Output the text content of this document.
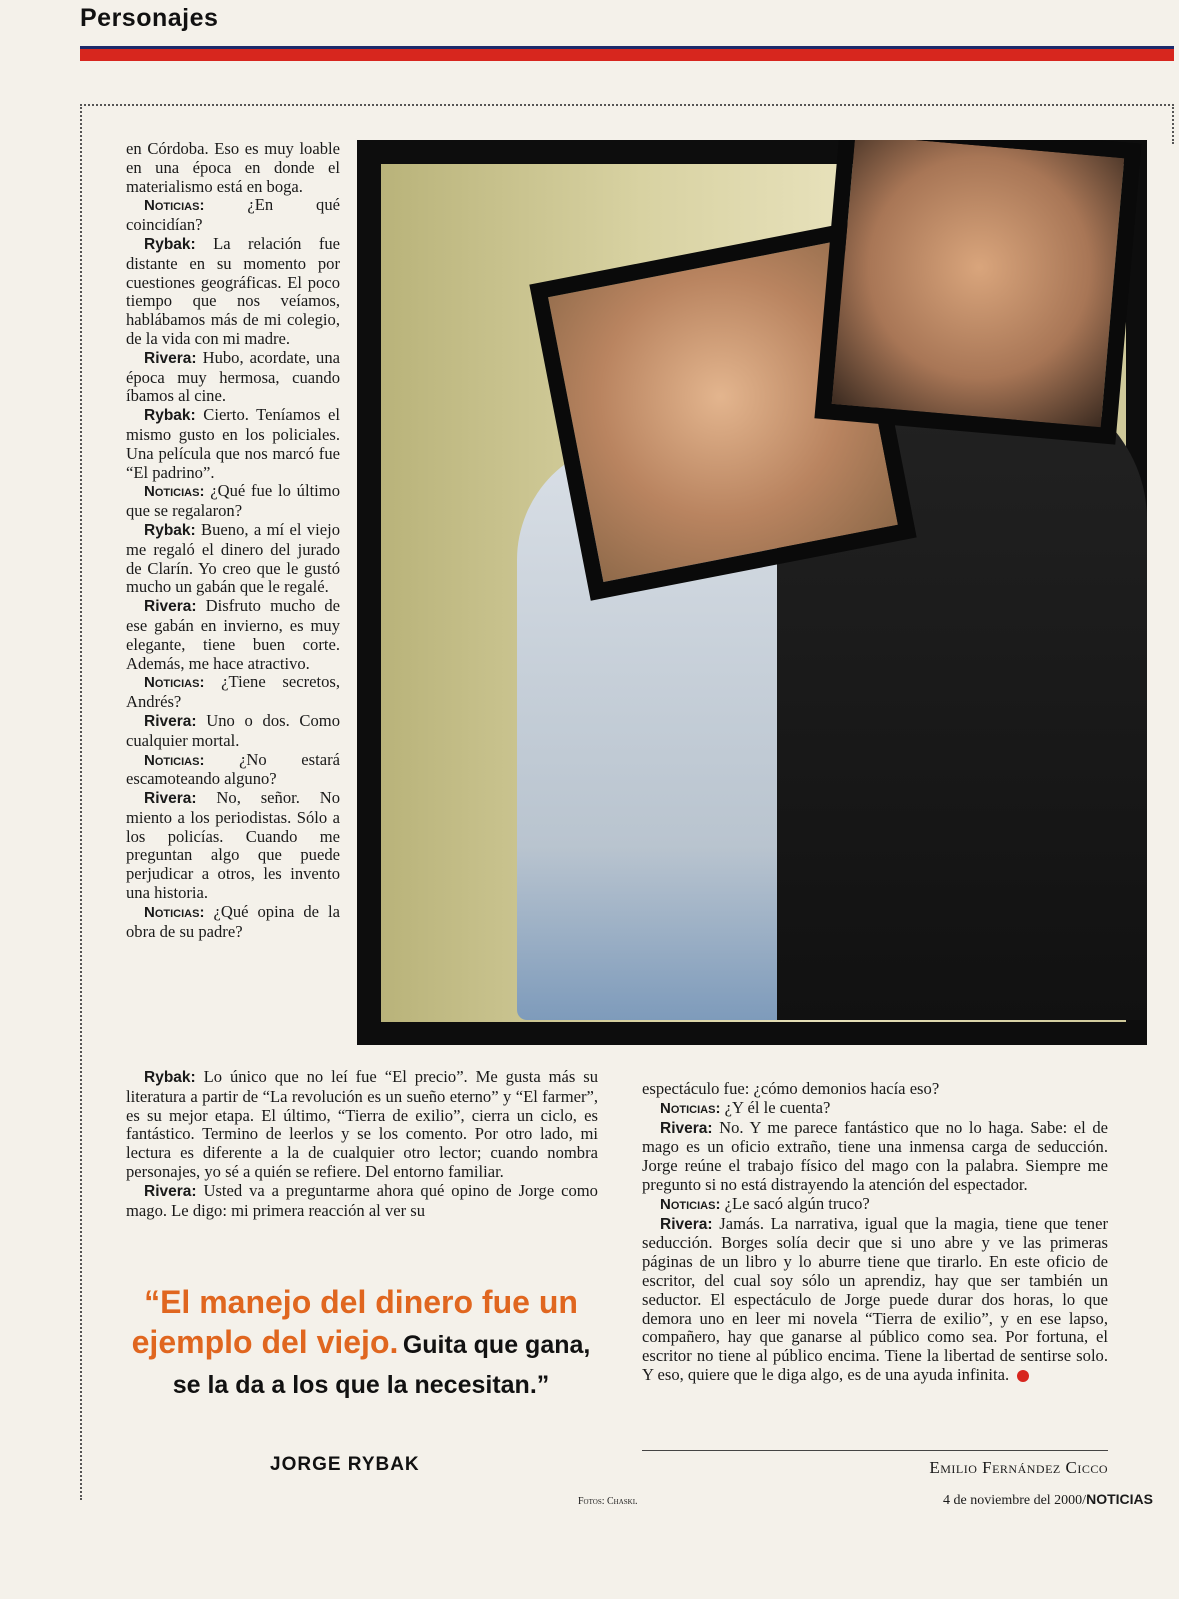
Personajes

en Córdoba. Eso es muy loable en una época en donde el materialismo está en boga.

Noticias:	¿En qué coincidían?

Rybak: La relación fue distante en su momento por cuestiones geográficas. El poco tiempo que nos veíamos, hablábamos más de mi colegio, de la vida con mi madre.

Rivera: Hubo, acordate, una época muy hermosa, cuando íbamos al cine.

Rybak: Cierto. Teníamos el mismo gusto en los policiales. Una película que nos marcó fue “El padrino”.

Noticias: ¿Qué fue lo último que se regalaron?

Rybak: Bueno, a mí el viejo me regaló el dinero del jurado de Clarín. Yo creo que le gustó mucho un gabán que le regalé.

Rivera: Disfruto mucho de ese gabán en invierno, es muy elegante, tiene buen corte. Además, me hace atractivo.

Noticias: ¿Tiene secretos, Andrés?

Rivera: Uno o dos. Como cualquier mortal.

Noticias: ¿No estará escamoteando alguno?

Rivera: No, señor. No miento a los periodistas. Sólo a los policías. Cuando me preguntan algo que puede perjudicar a otros, les invento una historia.

Noticias: ¿Qué opina de la obra de su padre?

Rybak: Lo único que no leí fue “El precio”. Me gusta más su literatura a partir de “La revolución es un sueño eterno” y “El farmer”, es su mejor etapa. El último, “Tierra de exilio”, cierra un ciclo, es fantástico. Termino de leerlos y se los comento. Por otro lado, mi lectura es diferente a la de cualquier otro lector; cuando nombra personajes, yo sé a quién se refiere. Del entorno familiar.

Rivera: Usted va a preguntarme ahora qué opino de Jorge como mago. Le digo: mi primera reacción al ver su

espectáculo fue: ¿cómo demonios hacía eso?

Noticias: ¿Y él le cuenta?

Rivera: No. Y me parece fantástico que no lo haga. Sabe: el de mago es un oficio extraño, tiene una inmensa carga de seducción. Jorge reúne el trabajo físico del mago con la palabra. Siempre me pregunto si no está distrayendo la atención del espectador.

Noticias: ¿Le sacó algún truco?

Rivera: Jamás. La narrativa, igual que la magia, tiene que tener seducción. Borges solía decir que si uno abre y ve las primeras páginas de un libro y lo aburre tiene que tirarlo. En este oficio de escritor, del cual soy sólo un aprendiz, hay que ser también un seductor. El espectáculo de Jorge puede durar dos horas, lo que demora uno en leer mi novela “Tierra de exilio”, y en ese lapso, compañero, hay que ganarse al público como sea. Por fortuna, el escritor no tiene al público encima. Tiene la libertad de sentirse solo. Y eso, quiere que le diga algo, es de una ayuda infinita.

“El manejo del dinero fue un ejemplo del viejo. Guita que gana, se la da a los que la necesitan.”
JORGE RYBAK	Emilio Fernández Cicco
Fotos: Chaski.	4 de noviembre del 2000/NOTICIAS
